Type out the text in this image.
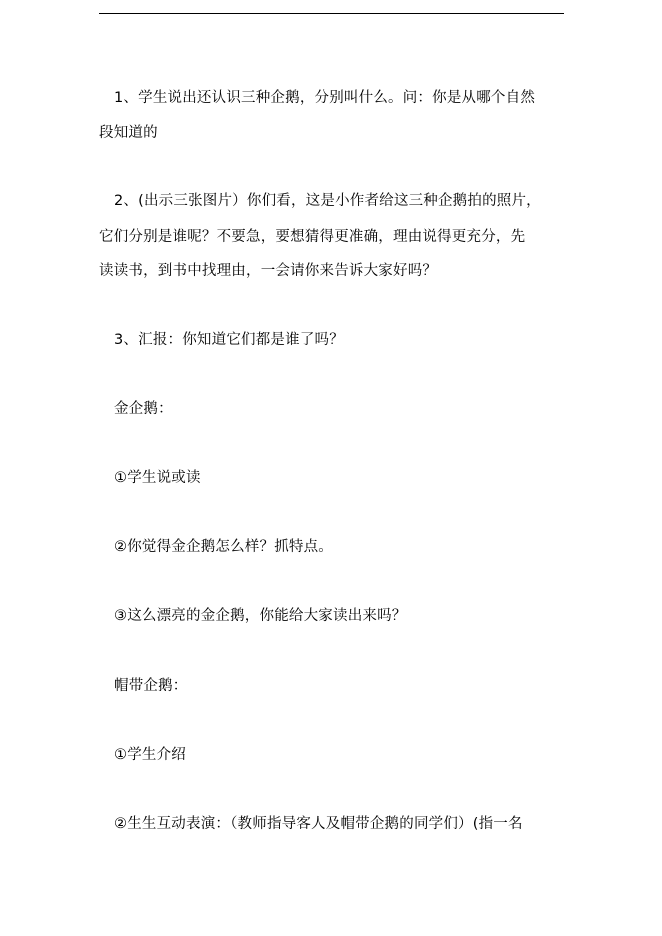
1、学生说出还认识三种企鹅，分别叫什么。问：你是从哪个自然
段知道的
2、(出示三张图片）你们看，这是小作者给这三种企鹅拍的照片，
它们分别是谁呢？不要急，要想猜得更准确，理由说得更充分，先
读读书，到书中找理由，一会请你来告诉大家好吗？
3、汇报：你知道它们都是谁了吗？
金企鹅：
①学生说或读
②你觉得金企鹅怎么样？抓特点。
③这么漂亮的金企鹅，你能给大家读出来吗？
帽带企鹅：
①学生介绍
②生生互动表演：（教师指导客人及帽带企鹅的同学们）(指一名
